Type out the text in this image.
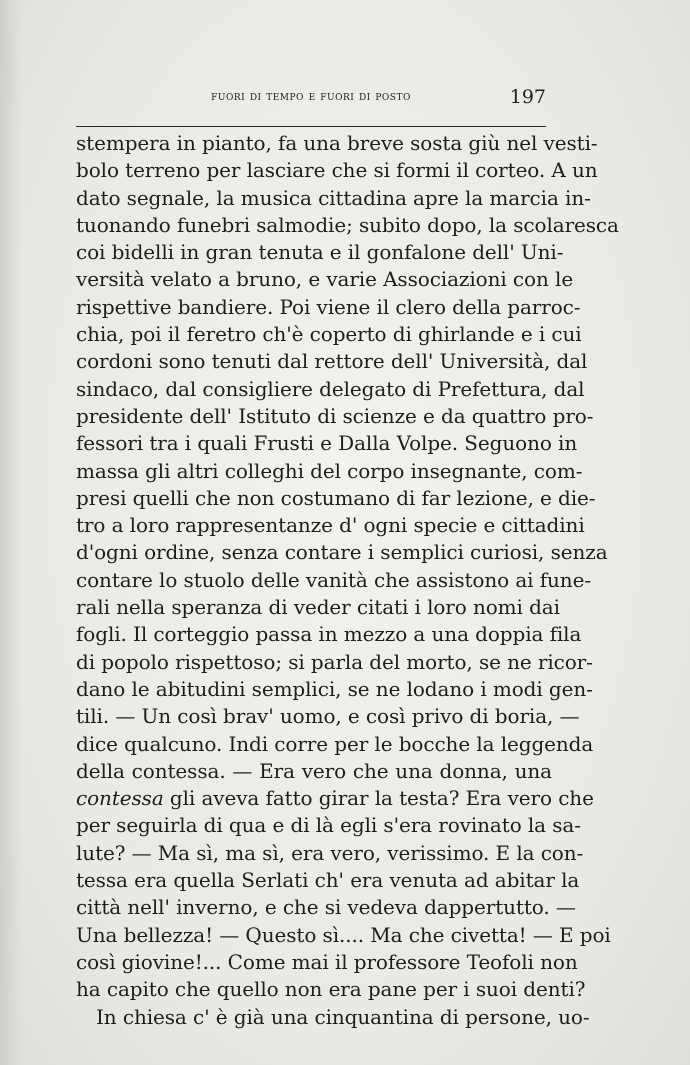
fuori di tempo e fuori di posto	197
stempera in pianto, fa una breve sosta giù nel vesti-
bolo terreno per lasciare che si formi il corteo. A un
dato segnale, la musica cittadina apre la marcia in-
tuonando funebri salmodie; subito dopo, la scolaresca
coi bidelli in gran tenuta e il gonfalone dell' Uni-
versità velato a bruno, e varie Associazioni con le
rispettive bandiere. Poi viene il clero della parroc-
chia, poi il feretro ch'è coperto di ghirlande e i cui
cordoni sono tenuti dal rettore dell' Università, dal
sindaco, dal consigliere delegato di Prefettura, dal
presidente dell' Istituto di scienze e da quattro pro-
fessori tra i quali Frusti e Dalla Volpe. Seguono in
massa gli altri colleghi del corpo insegnante, com-
presi quelli che non costumano di far lezione, e die-
tro a loro rappresentanze d' ogni specie e cittadini
d'ogni ordine, senza contare i semplici curiosi, senza
contare lo stuolo delle vanità che assistono ai fune-
rali nella speranza di veder citati i loro nomi dai
fogli. Il corteggio passa in mezzo a una doppia fila
di popolo rispettoso; si parla del morto, se ne ricor-
dano le abitudini semplici, se ne lodano i modi gen-
tili. — Un così brav' uomo, e così privo di boria, —
dice qualcuno. Indi corre per le bocche la leggenda
della contessa. — Era vero che una donna, una
contessa gli aveva fatto girar la testa? Era vero che
per seguirla di qua e di là egli s'era rovinato la sa-
lute? — Ma sì, ma sì, era vero, verissimo. E la con-
tessa era quella Serlati ch' era venuta ad abitar la
città nell' inverno, e che si vedeva dappertutto. —
Una bellezza! — Questo sì.... Ma che civetta! — E poi
così giovine!... Come mai il professore Teofoli non
ha capito che quello non era pane per i suoi denti?
In chiesa c' è già una cinquantina di persone, uo-
